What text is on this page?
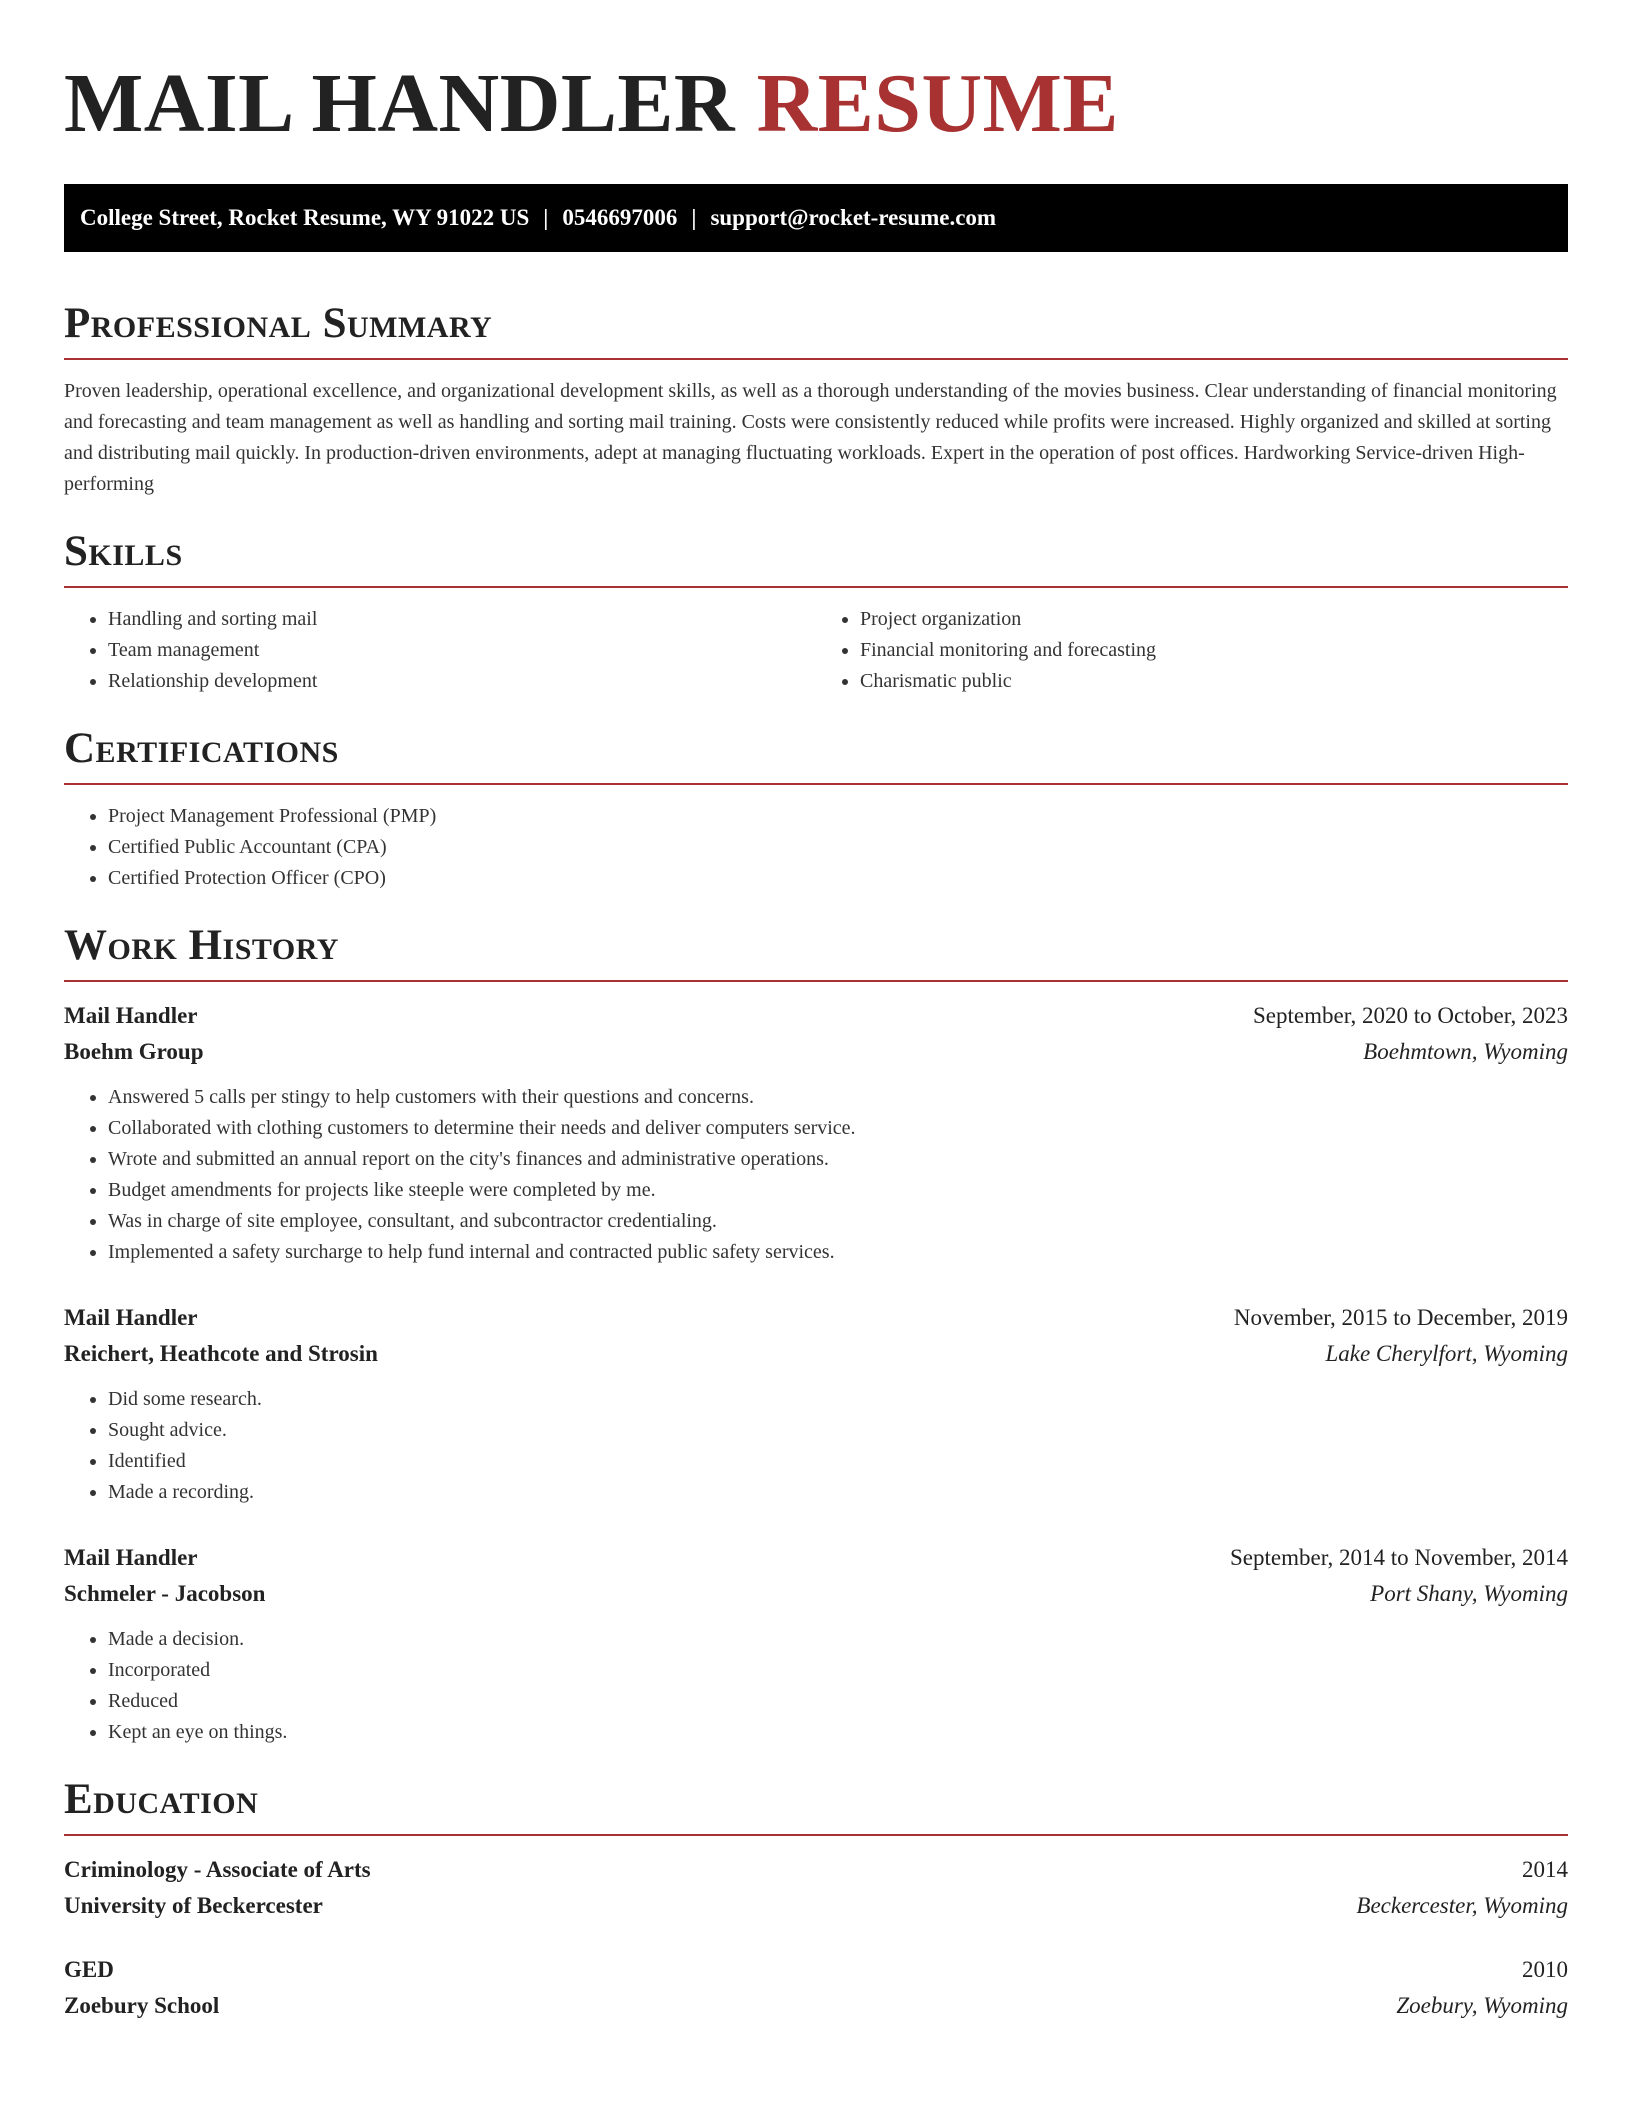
MAIL HANDLER RESUME
College Street, Rocket Resume, WY 91022 US | 0546697006 | support@rocket-resume.com
Professional Summary

Proven leadership, operational excellence, and organizational development skills, as well as a thorough understanding of the movies business. Clear understanding of financial monitoring and forecasting and team management as well as handling and sorting mail training. Costs were consistently reduced while profits were increased. Highly organized and skilled at sorting and distributing mail quickly. In production-driven environments, adept at managing fluctuating workloads. Expert in the operation of post offices. Hardworking Service-driven High-performing

Skills
• Handling and sorting mail
• Team management
• Relationship development
• Project organization
• Financial monitoring and forecasting
• Charismatic public
Certifications
• Project Management Professional (PMP)
• Certified Public Accountant (CPA)
• Certified Protection Officer (CPO)
Work History
Mail Handler	September, 2020 to October, 2023
Boehm Group	Boehmtown, Wyoming
• Answered 5 calls per stingy to help customers with their questions and concerns.
• Collaborated with clothing customers to determine their needs and deliver computers service.
• Wrote and submitted an annual report on the city's finances and administrative operations.
• Budget amendments for projects like steeple were completed by me.
• Was in charge of site employee, consultant, and subcontractor credentialing.
• Implemented a safety surcharge to help fund internal and contracted public safety services.
Mail Handler	November, 2015 to December, 2019
Reichert, Heathcote and Strosin	Lake Cherylfort, Wyoming
• Did some research.
• Sought advice.
• Identified
• Made a recording.
Mail Handler	September, 2014 to November, 2014
Schmeler - Jacobson	Port Shany, Wyoming
• Made a decision.
• Incorporated
• Reduced
• Kept an eye on things.
Education
Criminology - Associate of Arts	2014
University of Beckercester	Beckercester, Wyoming
GED	2010
Zoebury School	Zoebury, Wyoming
